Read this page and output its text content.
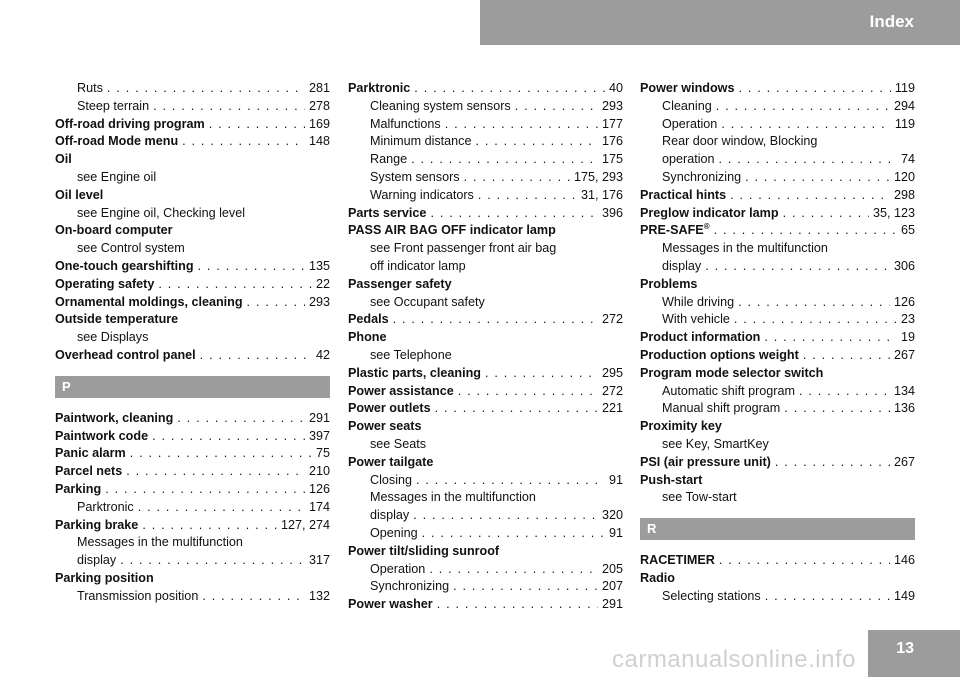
Index
Ruts . . .	281
Steep terrain . . .	278
Off-road driving program . . .	169
Off-road Mode menu . . .	148
Oil
see Engine oil
Oil level
see Engine oil, Checking level
On-board computer
see Control system
One-touch gearshifting . . .	135
Operating safety . . .	22
Ornamental moldings, cleaning . . .	293
Outside temperature
see Displays
Overhead control panel . . .	42
P
Paintwork, cleaning . . .	291
Paintwork code . . .	397
Panic alarm . . .	75
Parcel nets . . .	210
Parking . . .	126
Parktronic . . .	174
Parking brake . . .	127, 274
Messages in the multifunction
display . . .	317
Parking position
Transmission position . . .	132
Parktronic . . .	40
Cleaning system sensors . . .	293
Malfunctions . . .	177
Minimum distance . . .	176
Range . . .	175
System sensors . . .	175, 293
Warning indicators . . .	31, 176
Parts service . . .	396
PASS AIR BAG OFF indicator lamp
see Front passenger front air bag
off indicator lamp
Passenger safety
see Occupant safety
Pedals . . .	272
Phone
see Telephone
Plastic parts, cleaning . . .	295
Power assistance . . .	272
Power outlets . . .	221
Power seats
see Seats
Power tailgate
Closing . . .	91
Messages in the multifunction
display . . .	320
Opening . . .	91
Power tilt/sliding sunroof
Operation . . .	205
Synchronizing . . .	207
Power washer . . .	291
Power windows . . .	119
Cleaning . . .	294
Operation . . .	119
Rear door window, Blocking
operation . . .	74
Synchronizing . . .	120
Practical hints . . .	298
Preglow indicator lamp . . .	35, 123
PRE-SAFE® . . .	65
Messages in the multifunction
display . . .	306
Problems
While driving . . .	126
With vehicle . . .	23
Product information . . .	19
Production options weight . . .	267
Program mode selector switch
Automatic shift program . . .	134
Manual shift program . . .	136
Proximity key
see Key, SmartKey
PSI (air pressure unit) . . .	267
Push-start
see Tow-start
R
RACETIMER . . .	146
Radio
Selecting stations . . .	149
carmanualsonline.info	13
